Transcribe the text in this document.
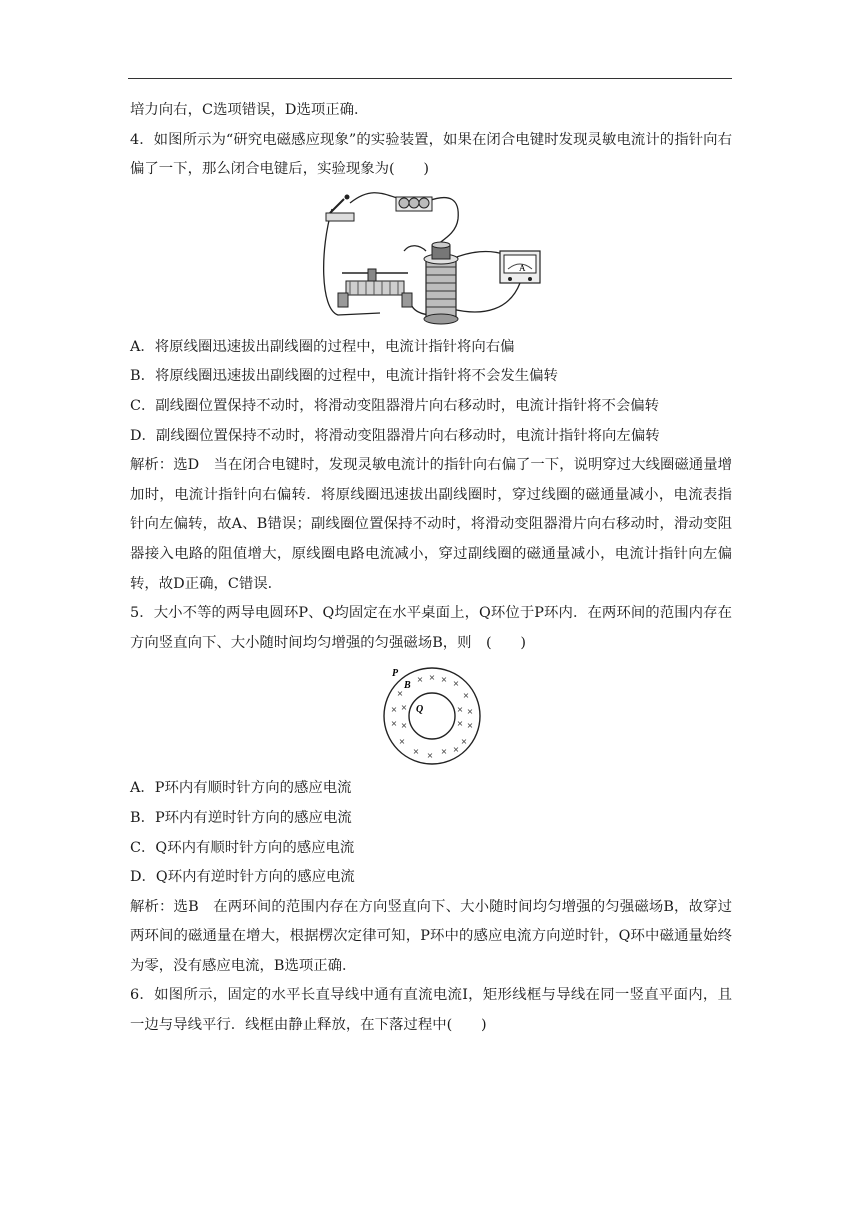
培力向右，C选项错误，D选项正确．

4．如图所示为“研究电磁感应现象”的实验装置，如果在闭合电键时发现灵敏电流计的指针向右偏了一下，那么闭合电键后，实验现象为(　　)

A

A．将原线圈迅速拔出副线圈的过程中，电流计指针将向右偏

B．将原线圈迅速拔出副线圈的过程中，电流计指针将不会发生偏转

C．副线圈位置保持不动时，将滑动变阻器滑片向右移动时，电流计指针将不会偏转

D．副线圈位置保持不动时，将滑动变阻器滑片向右移动时，电流计指针将向左偏转

解析：选D　当在闭合电键时，发现灵敏电流计的指针向右偏了一下，说明穿过大线圈磁通量增加时，电流计指针向右偏转．将原线圈迅速拔出副线圈时，穿过线圈的磁通量减小，电流表指针向左偏转，故A、B错误；副线圈位置保持不动时，将滑动变阻器滑片向右移动时，滑动变阻器接入电路的阻值增大，原线圈电路电流减小，穿过副线圈的磁通量减小，电流计指针向左偏转，故D正确，C错误．

5．大小不等的两导电圆环P、Q均固定在水平桌面上，Q环位于P环内．在两环间的范围内存在方向竖直向下、大小随时间均匀增强的匀强磁场B，则　(　　)

× × × ×
×	×
× ×	× ×
× ×	× ×
×	×
× × × ×
P
B
Q

A．P环内有顺时针方向的感应电流

B．P环内有逆时针方向的感应电流

C．Q环内有顺时针方向的感应电流

D．Q环内有逆时针方向的感应电流

解析：选B　在两环间的范围内存在方向竖直向下、大小随时间均匀增强的匀强磁场B，故穿过两环间的磁通量在增大，根据楞次定律可知，P环中的感应电流方向逆时针，Q环中磁通量始终为零，没有感应电流，B选项正确．

6．如图所示，固定的水平长直导线中通有直流电流I，矩形线框与导线在同一竖直平面内，且一边与导线平行．线框由静止释放，在下落过程中(　　)
